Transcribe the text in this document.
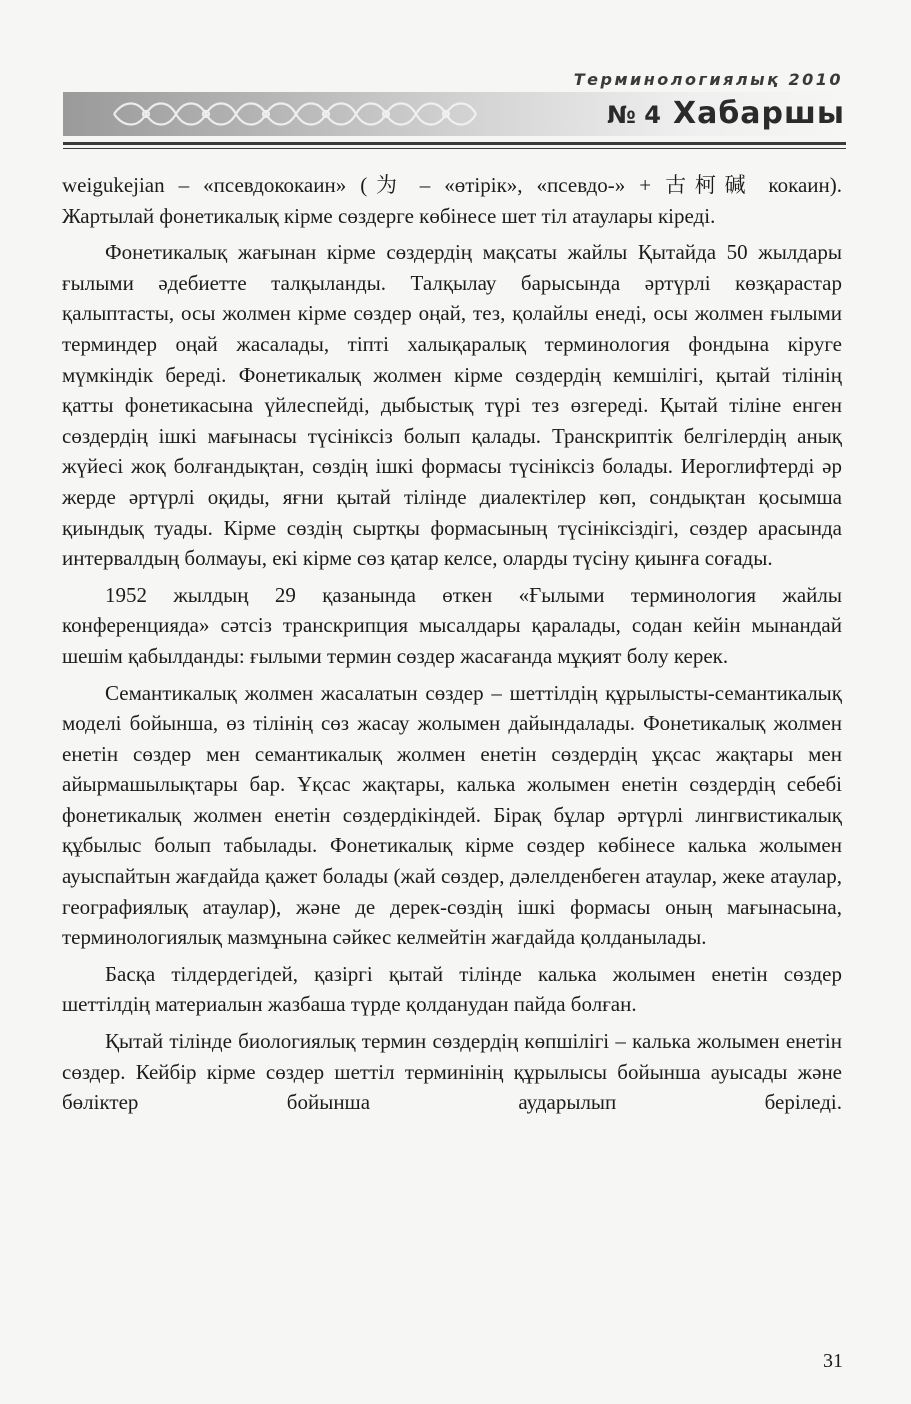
Терминологиялық 2010
№ 4 Хабаршы

weigukejian – «псевдококаин» (为 – «өтірік», «псевдо-» + 古柯碱 кокаин).

Жартылай фонетикалық кірме сөздерге көбінесе шет тіл атаулары кіреді.

Фонетикалық жағынан кірме сөздердің мақсаты жайлы Қытайда 50 жылдары ғылыми әдебиетте талқыланды. Талқылау барысында әртүрлі көзқарастар қалыптасты, осы жолмен кірме сөздер оңай, тез, қолайлы енеді, осы жолмен ғылыми терминдер оңай жасалады, тіпті халықаралық терминология фондына кіруге мүмкіндік береді. Фонетикалық жолмен кірме сөздердің кемшілігі, қытай тілінің қатты фонетикасына үйлеспейді, дыбыстық түрі тез өзгереді. Қытай тіліне енген сөздердің ішкі мағынасы түсініксіз болып қалады. Транскриптік белгілердің анық жүйесі жоқ болғандықтан, сөздің ішкі формасы түсініксіз болады. Иероглифтерді әр жерде әртүрлі оқиды, яғни қытай тілінде диалектілер көп, сондықтан қосымша қиындық туады. Кірме сөздің сыртқы формасының түсініксіздігі, сөздер арасында интервалдың болмауы, екі кірме сөз қатар келсе, оларды түсіну қиынға соғады.

1952 жылдың 29 қазанында өткен «Ғылыми терминология жайлы конференцияда» сәтсіз транскрипция мысалдары қаралады, содан кейін мынандай шешім қабылданды: ғылыми термин сөздер жасағанда мұқият болу керек.

Семантикалық жолмен жасалатын сөздер – шеттілдің құрылысты-семантикалық моделі бойынша, өз тілінің сөз жасау жолымен дайындалады. Фонетикалық жолмен енетін сөздер мен семантикалық жолмен енетін сөздердің ұқсас жақтары мен айырмашылықтары бар. Ұқсас жақтары, калька жолымен енетін сөздердің себебі фонетикалық жолмен енетін сөздердікіндей. Бірақ бұлар әртүрлі лингвистикалық құбылыс болып табылады. Фонетикалық кірме сөздер көбінесе калька жолымен ауыспайтын жағдайда қажет болады (жай сөздер, дәлелденбеген атаулар, жеке атаулар, географиялық атаулар), және де дерек-сөздің ішкі формасы оның мағынасына, терминологиялық мазмұнына сәйкес келмейтін жағдайда қолданылады.

Басқа тілдердегідей, қазіргі қытай тілінде калька жолымен енетін сөздер шеттілдің материалын жазбаша түрде қолданудан пайда болған.

Қытай тілінде биологиялық термин сөздердің көпшілігі – калька жолымен енетін сөздер. Кейбір кірме сөздер шеттіл терминінің құрылысы бойынша ауысады және бөліктер бойынша аударылып беріледі.

31
